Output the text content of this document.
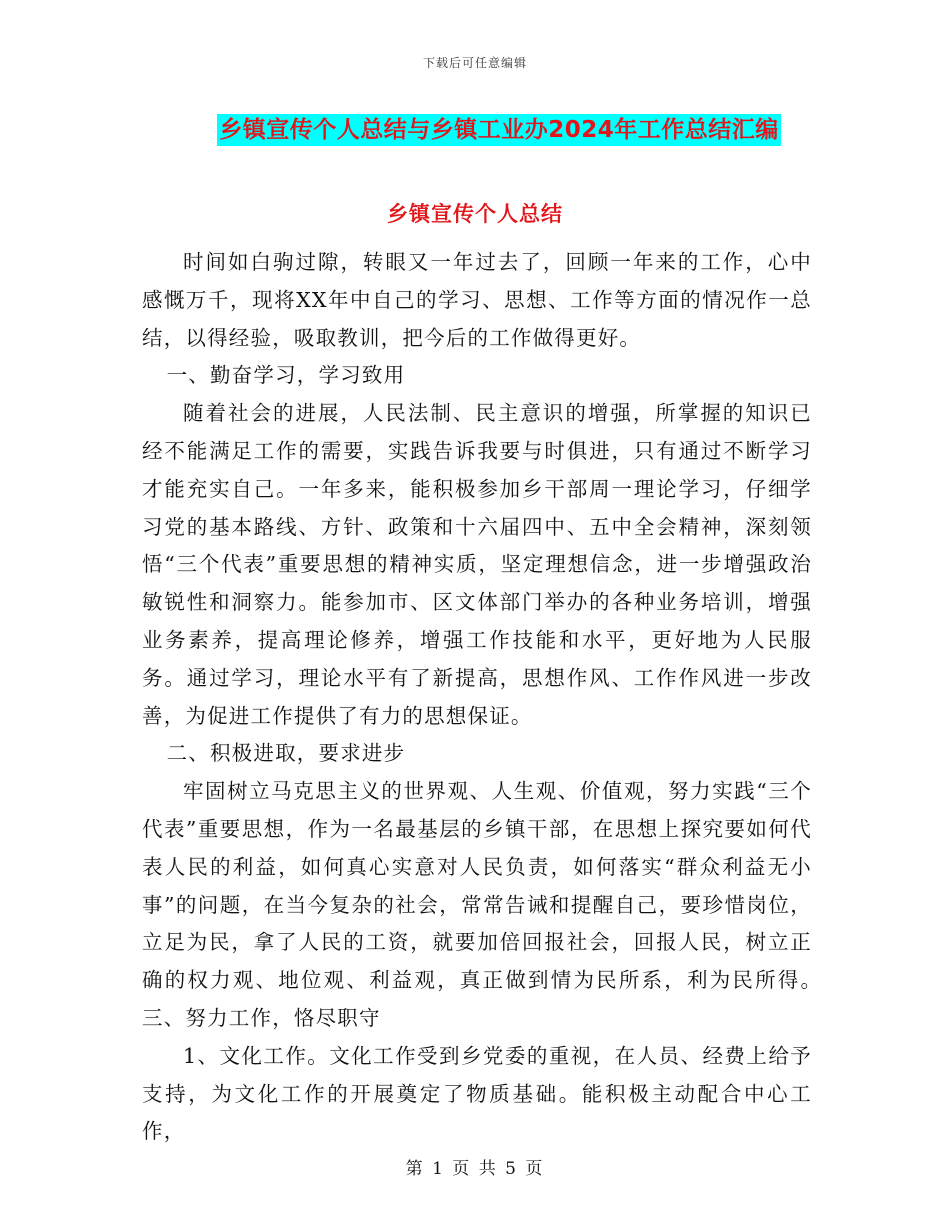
下载后可任意编辑
乡镇宣传个人总结与乡镇工业办2024年工作总结汇编
乡镇宣传个人总结

时间如白驹过隙，转眼又一年过去了，回顾一年来的工作，心中感慨万千，现将XX年中自己的学习、思想、工作等方面的情况作一总结，以得经验，吸取教训，把今后的工作做得更好。

一、勤奋学习，学习致用

随着社会的进展，人民法制、民主意识的增强，所掌握的知识已经不能满足工作的需要，实践告诉我要与时俱进，只有通过不断学习才能充实自己。一年多来，能积极参加乡干部周一理论学习，仔细学习党的基本路线、方针、政策和十六届四中、五中全会精神，深刻领悟“三个代表”重要思想的精神实质，坚定理想信念，进一步增强政治敏锐性和洞察力。能参加市、区文体部门举办的各种业务培训，增强业务素养，提高理论修养，增强工作技能和水平，更好地为人民服务。通过学习，理论水平有了新提高，思想作风、工作作风进一步改善，为促进工作提供了有力的思想保证。

二、积极进取，要求进步

牢固树立马克思主义的世界观、人生观、价值观，努力实践“三个代表”重要思想，作为一名最基层的乡镇干部，在思想上探究要如何代表人民的利益，如何真心实意对人民负责，如何落实“群众利益无小事”的问题，在当今复杂的社会，常常告诫和提醒自己，要珍惜岗位，立足为民，拿了人民的工资，就要加倍回报社会，回报人民，树立正确的权力观、地位观、利益观，真正做到情为民所系，利为民所得。　　三、努力工作，恪尽职守

1、文化工作。文化工作受到乡党委的重视，在人员、经费上给予支持，为文化工作的开展奠定了物质基础。能积极主动配合中心工作，

第 1 页 共 5 页
